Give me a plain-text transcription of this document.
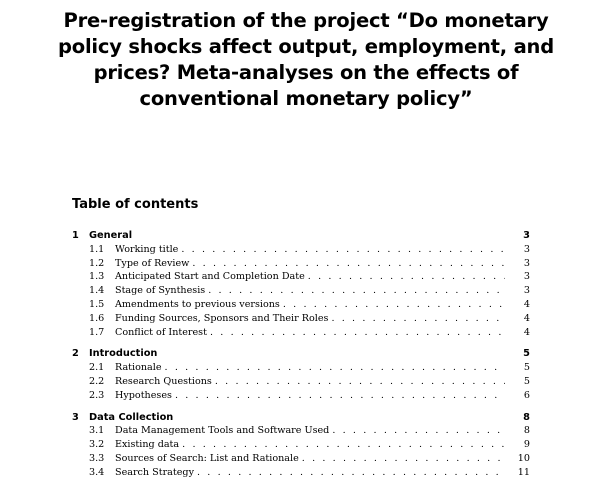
Pre-registration of the project “Do monetary policy shocks affect output, employment, and prices? Meta-analyses on the effects of conventional monetary policy”
Table of contents
1	General	3
1.1	Working title . . .	3
1.2	Type of Review . . .	3
1.3	Anticipated Start and Completion Date . . .	3
1.4	Stage of Synthesis . . .	3
1.5	Amendments to previous versions . . .	4
1.6	Funding Sources, Sponsors and Their Roles . . .	4
1.7	Conflict of Interest . . .	4
2	Introduction	5
2.1	Rationale . . .	5
2.2	Research Questions . . .	5
2.3	Hypotheses . . .	6
3	Data Collection	8
3.1	Data Management Tools and Software Used . . .	8
3.2	Existing data . . .	9
3.3	Sources of Search: List and Rationale . . .	10
3.4	Search Strategy . . .	11
